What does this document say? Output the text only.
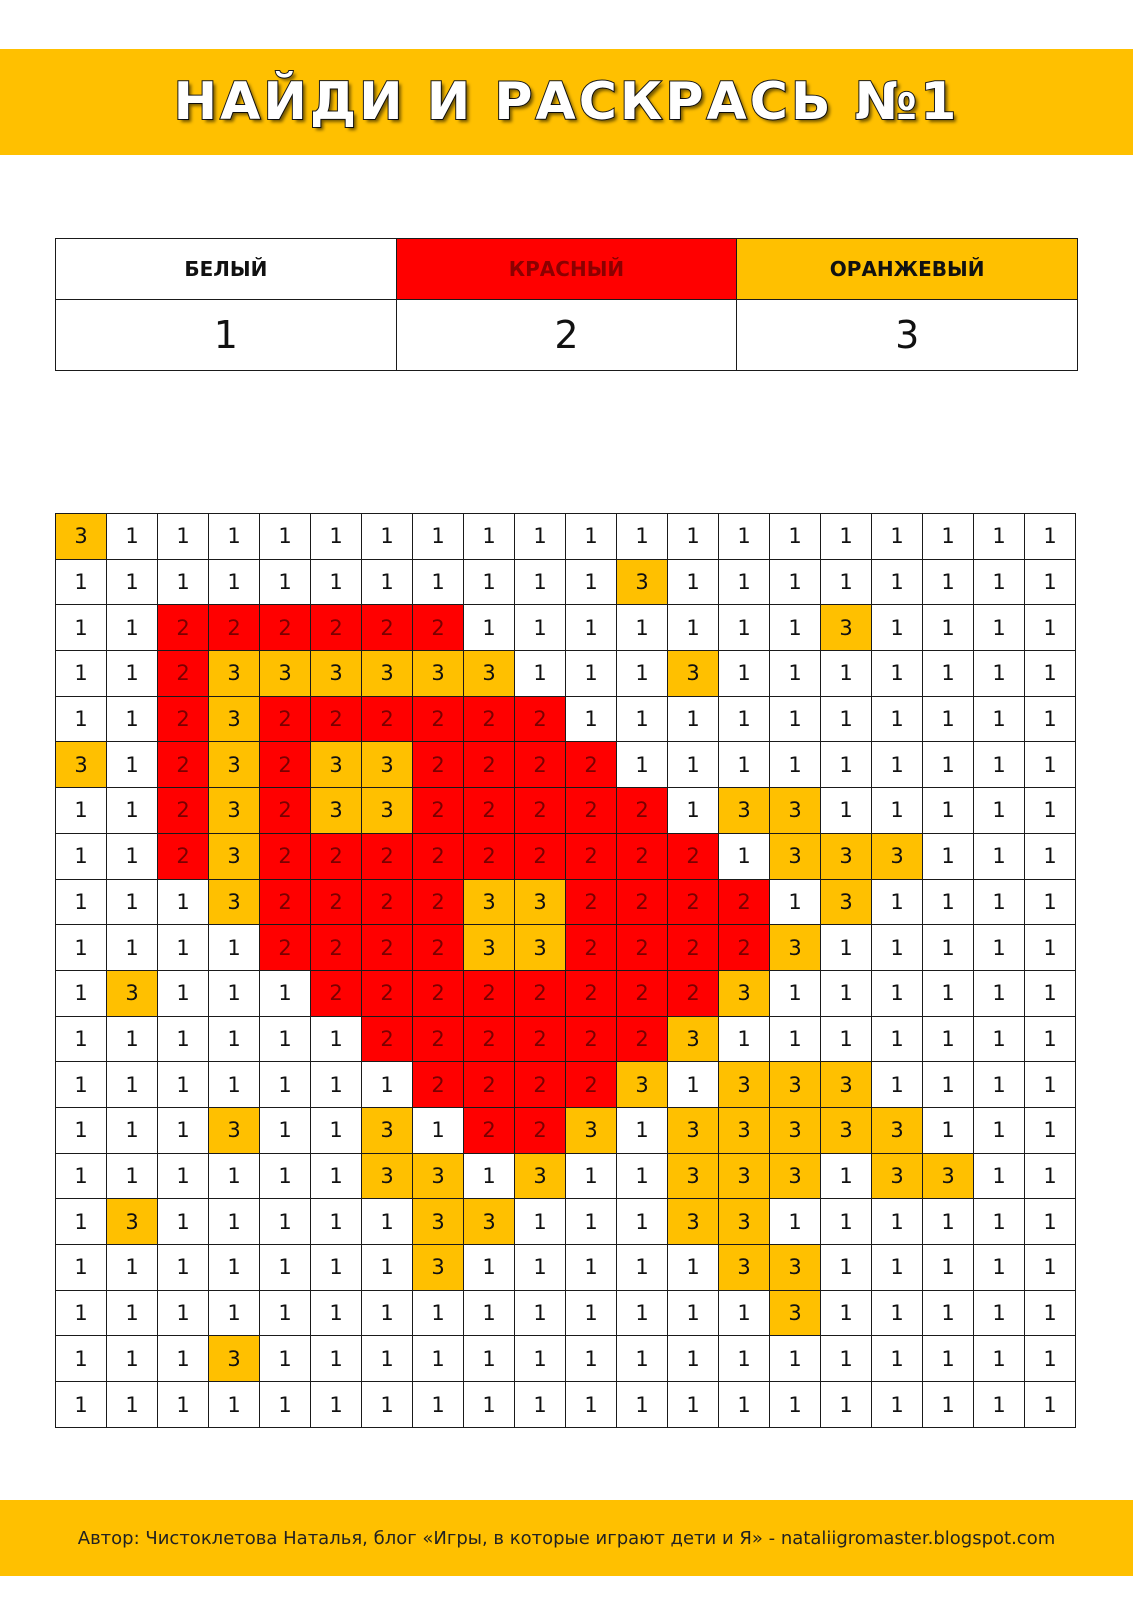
НАЙДИ И РАСКРАСЬ №1
БЕЛЫЙ	КРАСНЫЙ	ОРАНЖЕВЫЙ
1	2	3
3	1	1	1	1	1	1	1	1	1	1	1	1	1	1	1	1	1	1	1
1	1	1	1	1	1	1	1	1	1	1	3	1	1	1	1	1	1	1	1
1	1	2	2	2	2	2	2	1	1	1	1	1	1	1	3	1	1	1	1
1	1	2	3	3	3	3	3	3	1	1	1	3	1	1	1	1	1	1	1
1	1	2	3	2	2	2	2	2	2	1	1	1	1	1	1	1	1	1	1
3	1	2	3	2	3	3	2	2	2	2	1	1	1	1	1	1	1	1	1
1	1	2	3	2	3	3	2	2	2	2	2	1	3	3	1	1	1	1	1
1	1	2	3	2	2	2	2	2	2	2	2	2	1	3	3	3	1	1	1
1	1	1	3	2	2	2	2	3	3	2	2	2	2	1	3	1	1	1	1
1	1	1	1	2	2	2	2	3	3	2	2	2	2	3	1	1	1	1	1
1	3	1	1	1	2	2	2	2	2	2	2	2	3	1	1	1	1	1	1
1	1	1	1	1	1	2	2	2	2	2	2	3	1	1	1	1	1	1	1
1	1	1	1	1	1	1	2	2	2	2	3	1	3	3	3	1	1	1	1
1	1	1	3	1	1	3	1	2	2	3	1	3	3	3	3	3	1	1	1
1	1	1	1	1	1	3	3	1	3	1	1	3	3	3	1	3	3	1	1
1	3	1	1	1	1	1	3	3	1	1	1	3	3	1	1	1	1	1	1
1	1	1	1	1	1	1	3	1	1	1	1	1	3	3	1	1	1	1	1
1	1	1	1	1	1	1	1	1	1	1	1	1	1	3	1	1	1	1	1
1	1	1	3	1	1	1	1	1	1	1	1	1	1	1	1	1	1	1	1
1	1	1	1	1	1	1	1	1	1	1	1	1	1	1	1	1	1	1	1
Автор: Чистоклетова Наталья, блог «Игры, в которые играют дети и Я» - nataliigromaster.blogspot.com
